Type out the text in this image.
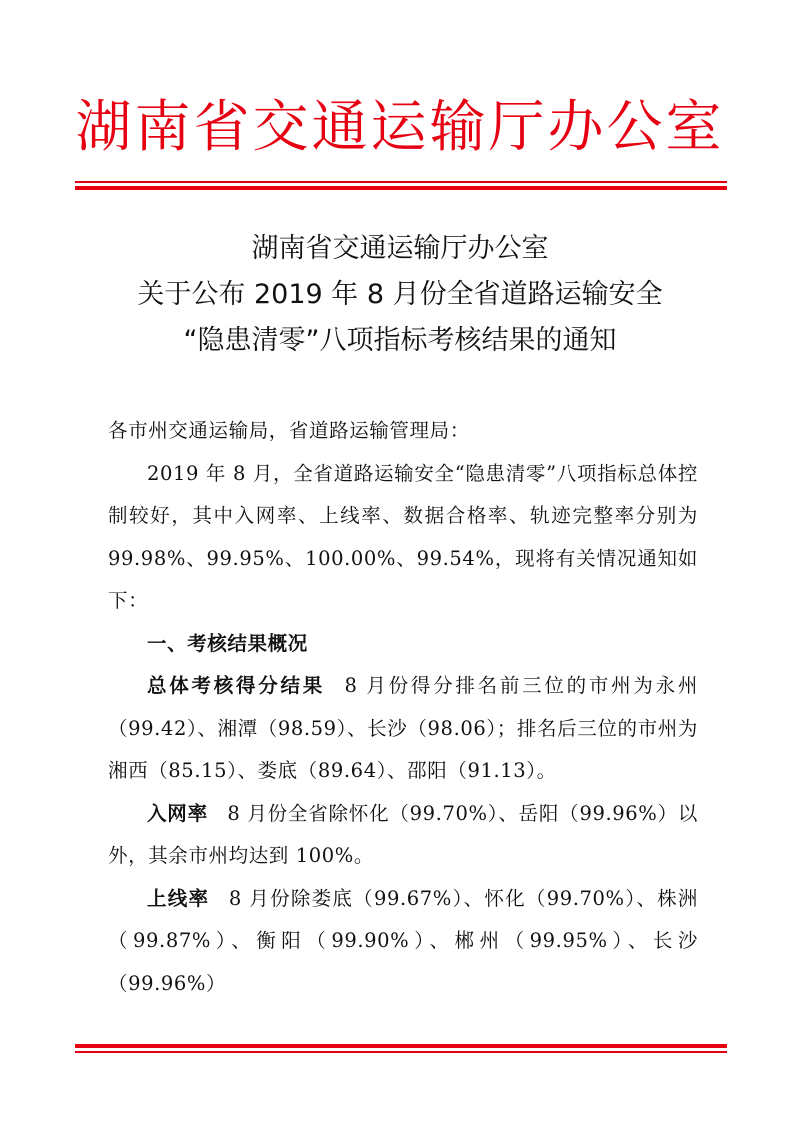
湖南省交通运输厅办公室
湖南省交通运输厅办公室
关于公布 2019 年 8 月份全省道路运输安全
“隐患清零”八项指标考核结果的通知

各市州交通运输局，省道路运输管理局：

2019 年 8 月，全省道路运输安全“隐患清零”八项指标总体控制较好，其中入网率、上线率、数据合格率、轨迹完整率分别为 99.98%、99.95%、100.00%、99.54%，现将有关情况通知如下：

一、考核结果概况

总体考核得分结果 8 月份得分排名前三位的市州为永州（99.42）、湘潭（98.59）、长沙（98.06）；排名后三位的市州为湘西（85.15）、娄底（89.64）、邵阳（91.13）。

入网率 8 月份全省除怀化（99.70%）、岳阳（99.96%）以外，其余市州均达到 100%。

上线率 8 月份除娄底（99.67%）、怀化（99.70%）、株洲（99.87%）、衡阳（99.90%）、郴州（99.95%）、长沙（99.96%）
